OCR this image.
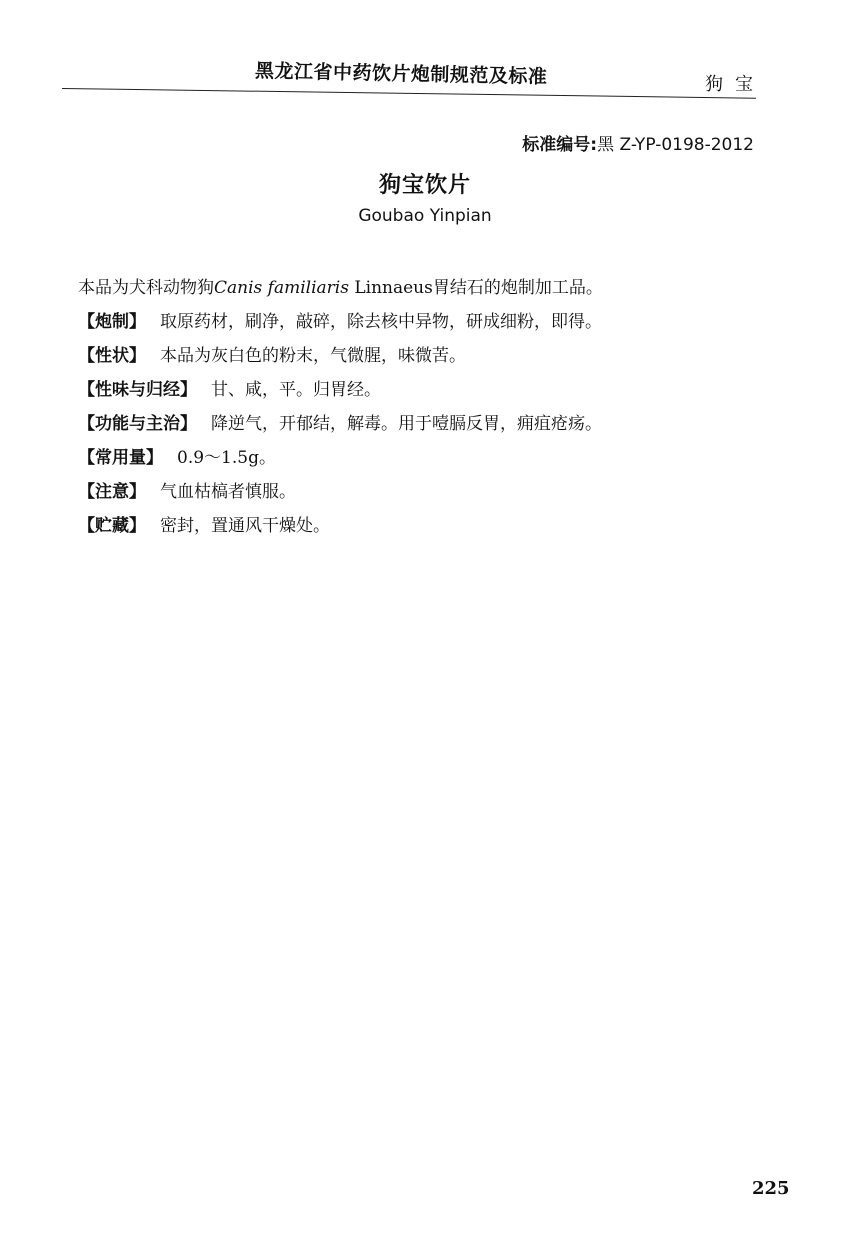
黑龙江省中药饮片炮制规范及标准	狗宝
标准编号:黑 Z-YP-0198-2012
狗宝饮片
Goubao Yinpian
本品为犬科动物狗Canis familiaris Linnaeus胃结石的炮制加工品。
【炮制】 取原药材，刷净，敲碎，除去核中异物，研成细粉，即得。
【性状】 本品为灰白色的粉末，气微腥，味微苦。
【性味与归经】 甘、咸，平。归胃经。
【功能与主治】 降逆气，开郁结，解毒。用于噎膈反胃，痈疽疮疡。
【常用量】 0.9～1.5g。
【注意】 气血枯槁者慎服。
【贮藏】 密封，置通风干燥处。
225
